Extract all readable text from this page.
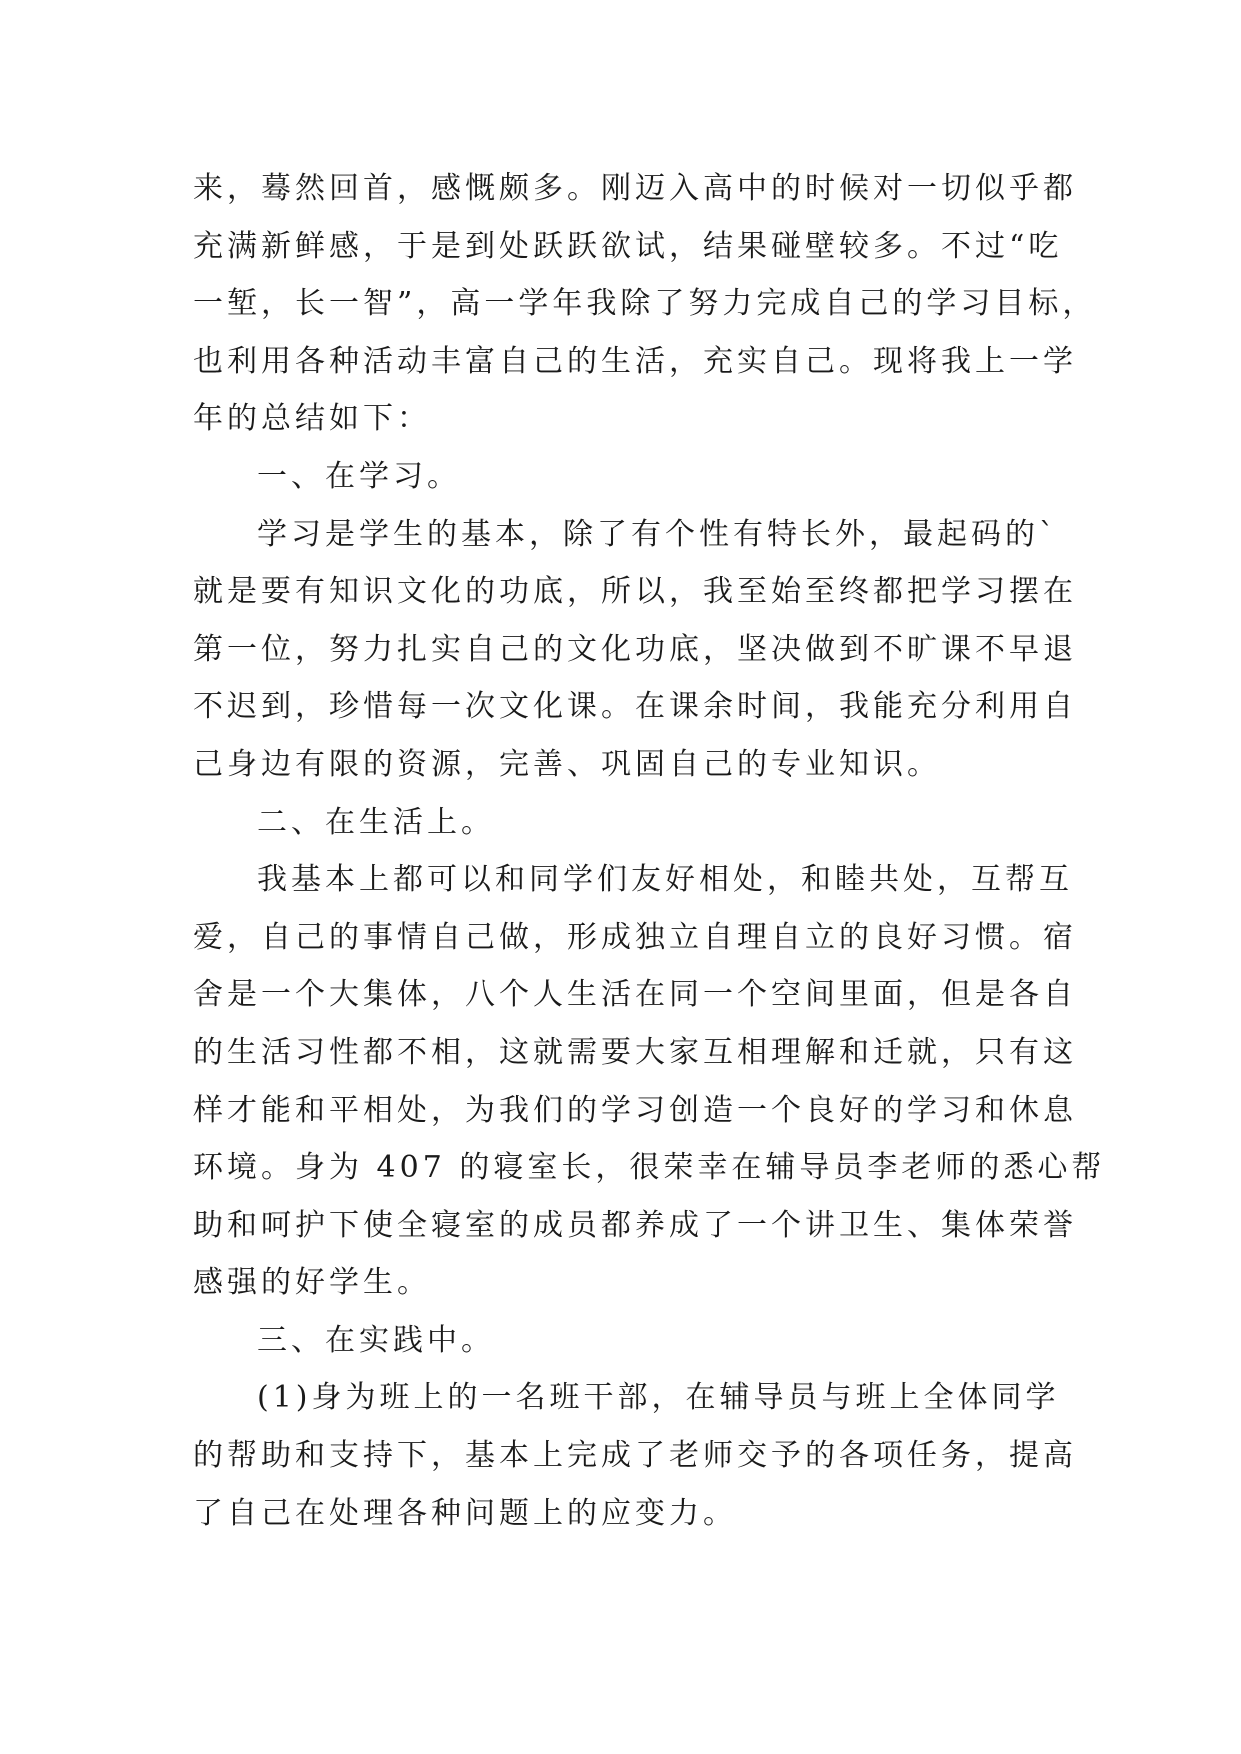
来，蓦然回首，感慨颇多。刚迈入高中的时候对一切似乎都
充满新鲜感，于是到处跃跃欲试，结果碰壁较多。不过“吃
一堑，长一智”，高一学年我除了努力完成自己的学习目标，
也利用各种活动丰富自己的生活，充实自己。现将我上一学
年的总结如下：
一、在学习。
学习是学生的基本，除了有个性有特长外，最起码的`
就是要有知识文化的功底，所以，我至始至终都把学习摆在
第一位，努力扎实自己的文化功底，坚决做到不旷课不早退
不迟到，珍惜每一次文化课。在课余时间，我能充分利用自
己身边有限的资源，完善、巩固自己的专业知识。
二、在生活上。
我基本上都可以和同学们友好相处，和睦共处，互帮互
爱，自己的事情自己做，形成独立自理自立的良好习惯。宿
舍是一个大集体，八个人生活在同一个空间里面，但是各自
的生活习性都不相，这就需要大家互相理解和迁就，只有这
样才能和平相处，为我们的学习创造一个良好的学习和休息
环境。身为 407 的寝室长，很荣幸在辅导员李老师的悉心帮
助和呵护下使全寝室的成员都养成了一个讲卫生、集体荣誉
感强的好学生。
三、在实践中。
(1)身为班上的一名班干部，在辅导员与班上全体同学
的帮助和支持下，基本上完成了老师交予的各项任务，提高
了自己在处理各种问题上的应变力。
